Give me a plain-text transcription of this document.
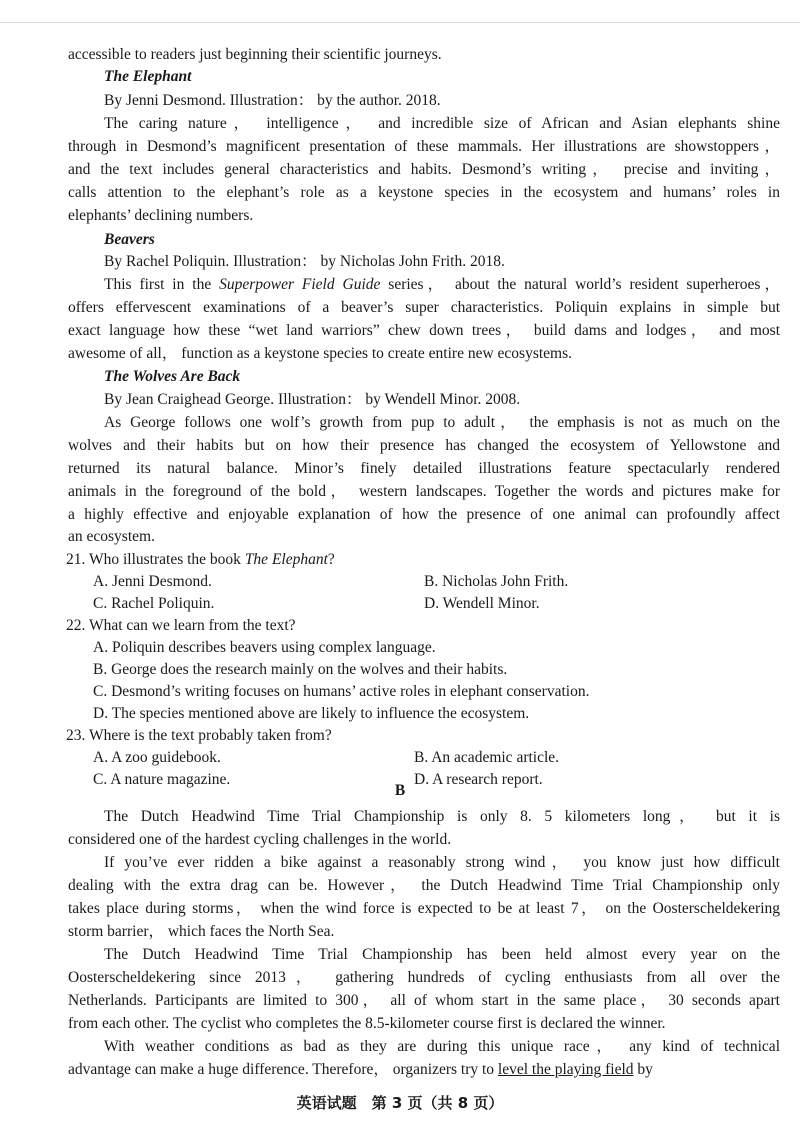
accessible to readers just beginning their scientific journeys.
The Elephant
By Jenni Desmond. Illustration： by the author. 2018.
The caring nature， intelligence， and incredible size of African and Asian elephants shine
through in Desmond’s magnificent presentation of these mammals. Her illustrations are showstoppers，
and the text includes general characteristics and habits. Desmond’s writing， precise and inviting，
calls attention to the elephant’s role as a keystone species in the ecosystem and humans’ roles in
elephants’ declining numbers.
Beavers
By Rachel Poliquin. Illustration： by Nicholas John Frith. 2018.
This first in the Superpower Field Guide series， about the natural world’s resident superheroes，
offers effervescent examinations of a beaver’s super characteristics. Poliquin explains in simple but
exact language how these “wet land warriors” chew down trees， build dams and lodges， and most
awesome of all， function as a keystone species to create entire new ecosystems.
The Wolves Are Back
By Jean Craighead George. Illustration： by Wendell Minor. 2008.
As George follows one wolf’s growth from pup to adult， the emphasis is not as much on the
wolves and their habits but on how their presence has changed the ecosystem of Yellowstone and
returned its natural balance. Minor’s finely detailed illustrations feature spectacularly rendered
animals in the foreground of the bold， western landscapes. Together the words and pictures make for
a highly effective and enjoyable explanation of how the presence of one animal can profoundly affect
an ecosystem.
21. Who illustrates the book The Elephant?
A. Jenni Desmond.	B. Nicholas John Frith.
C. Rachel Poliquin.	D. Wendell Minor.
22. What can we learn from the text?
A. Poliquin describes beavers using complex language.
B. George does the research mainly on the wolves and their habits.
C. Desmond’s writing focuses on humans’ active roles in elephant conservation.
D. The species mentioned above are likely to influence the ecosystem.
23. Where is the text probably taken from?
A. A zoo guidebook.	B. An academic article.
C. A nature magazine.	D. A research report.
B
The Dutch Headwind Time Trial Championship is only 8. 5 kilometers long， but it is
considered one of the hardest cycling challenges in the world.
If you’ve ever ridden a bike against a reasonably strong wind， you know just how difficult
dealing with the extra drag can be. However， the Dutch Headwind Time Trial Championship only
takes place during storms， when the wind force is expected to be at least 7， on the Oosterscheldekering
storm barrier， which faces the North Sea.
The Dutch Headwind Time Trial Championship has been held almost every year on the
Oosterscheldekering since 2013， gathering hundreds of cycling enthusiasts from all over the
Netherlands. Participants are limited to 300， all of whom start in the same place， 30 seconds apart
from each other. The cyclist who completes the 8.5-kilometer course first is declared the winner.
With weather conditions as bad as they are during this unique race， any kind of technical
advantage can make a huge difference. Therefore， organizers try to level the playing field by
英语试题　第 3 页（共 8 页）
